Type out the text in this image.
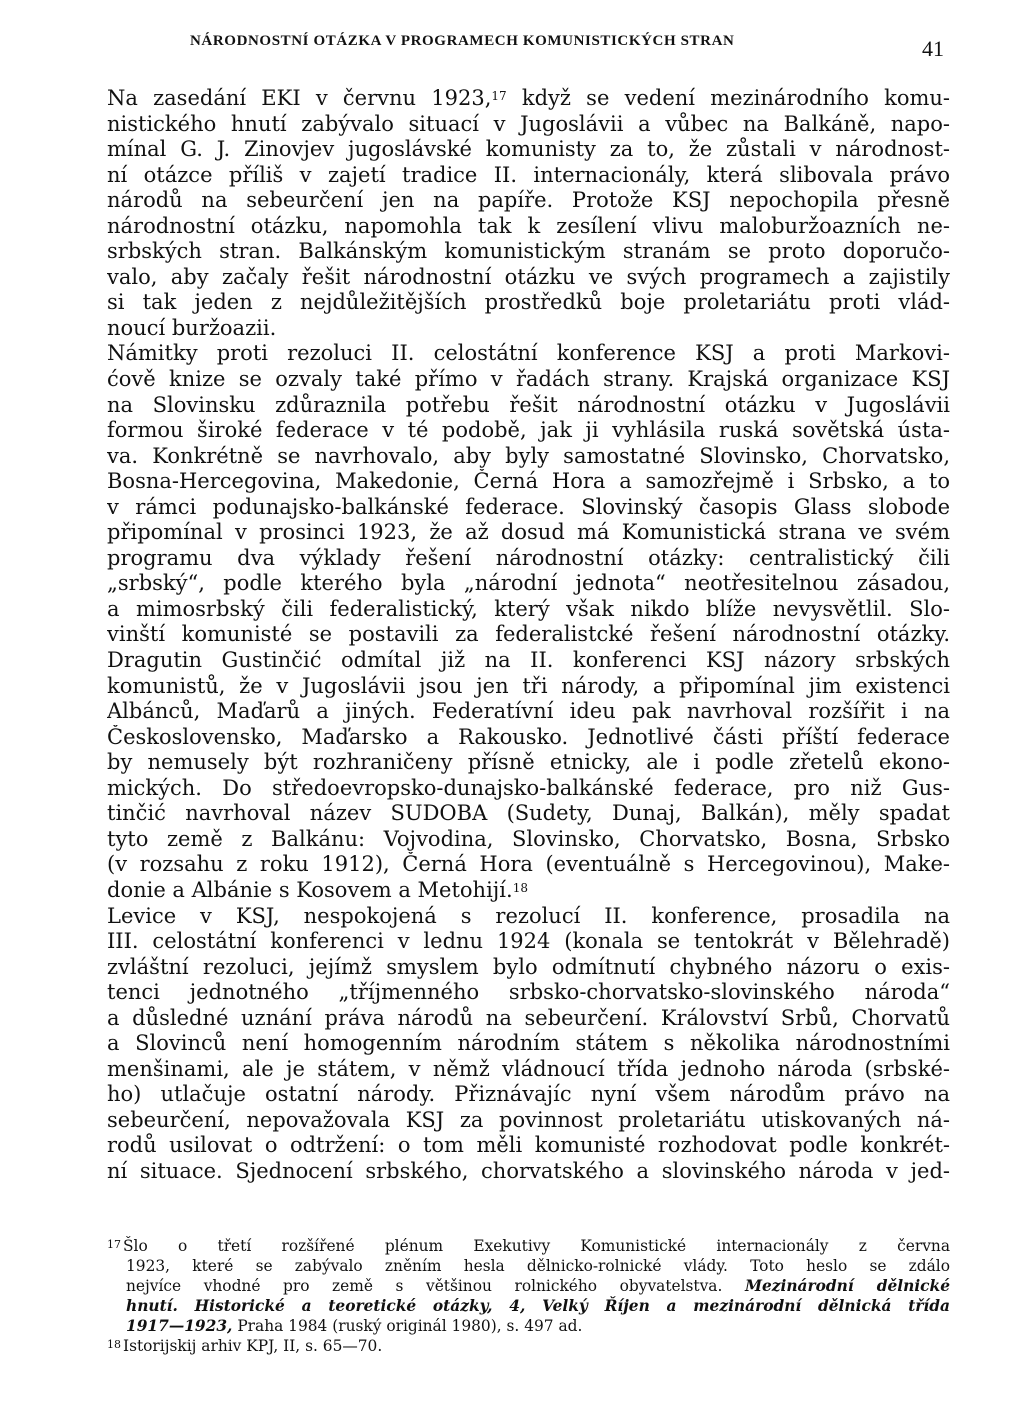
NÁRODNOSTNÍ OTÁZKA V PROGRAMECH KOMUNISTICKÝCH STRAN	41
Na zasedání EKI v červnu 1923,17 když se vedení mezinárodního komu-
nistického hnutí zabývalo situací v Jugoslávii a vůbec na Balkáně, napo-
mínal G. J. Zinovjev jugoslávské komunisty za to, že zůstali v národnost-
ní otázce příliš v zajetí tradice II. internacionály, která slibovala právo
národů na sebeurčení jen na papíře. Protože KSJ nepochopila přesně
národnostní otázku, napomohla tak k zesílení vlivu maloburžoazních ne-
srbských stran. Balkánským komunistickým stranám se proto doporučo-
valo, aby začaly řešit národnostní otázku ve svých programech a zajistily
si tak jeden z nejdůležitějších prostředků boje proletariátu proti vlád-
noucí buržoazii.
Námitky proti rezoluci II. celostátní konference KSJ a proti Markovi-
ćově knize se ozvaly také přímo v řadách strany. Krajská organizace KSJ
na Slovinsku zdůraznila potřebu řešit národnostní otázku v Jugoslávii
formou široké federace v té podobě, jak ji vyhlásila ruská sovětská ústa-
va. Konkrétně se navrhovalo, aby byly samostatné Slovinsko, Chorvatsko,
Bosna-Hercegovina, Makedonie, Černá Hora a samozřejmě i Srbsko, a to
v rámci podunajsko-balkánské federace. Slovinský časopis Glass slobode
připomínal v prosinci 1923, že až dosud má Komunistická strana ve svém
programu dva výklady řešení národnostní otázky: centralistický čili
„srbský“, podle kterého byla „národní jednota“ neotřesitelnou zásadou,
a mimosrbský čili federalistický, který však nikdo blíže nevysvětlil. Slo-
vinští komunisté se postavili za federalistcké řešení národnostní otázky.
Dragutin Gustinčić odmítal již na II. konferenci KSJ názory srbských
komunistů, že v Jugoslávii jsou jen tři národy, a připomínal jim existenci
Albánců, Maďarů a jiných. Federatívní ideu pak navrhoval rozšířit i na
Československo, Maďarsko a Rakousko. Jednotlivé části příští federace
by nemusely být rozhraničeny přísně etnicky, ale i podle zřetelů ekono-
mických. Do středoevropsko-dunajsko-balkánské federace, pro niž Gus-
tinčić navrhoval název SUDOBA (Sudety, Dunaj, Balkán), měly spadat
tyto země z Balkánu: Vojvodina, Slovinsko, Chorvatsko, Bosna, Srbsko
(v rozsahu z roku 1912), Černá Hora (eventuálně s Hercegovinou), Make-
donie a Albánie s Kosovem a Metohijí.$^{18}$
Levice v KSJ, nespokojená s rezolucí II. konference, prosadila na
III. celostátní konferenci v lednu 1924 (konala se tentokrát v Bělehradě)
zvláštní rezoluci, jejímž smyslem bylo odmítnutí chybného názoru o exis-
tenci jednotného „tříjmenného srbsko-chorvatsko-slovinského národa“
a důsledné uznání práva národů na sebeurčení. Království Srbů, Chorvatů
a Slovinců není homogenním národním státem s několika národnostními
menšinami, ale je státem, v němž vládnoucí třída jednoho národa (srbské-
ho) utlačuje ostatní národy. Přiznávajíc nyní všem národům právo na
sebeurčení, nepovažovala KSJ za povinnost proletariátu utiskovaných ná-
rodů usilovat o odtržení: o tom měli komunisté rozhodovat podle konkrét-
ní situace. Sjednocení srbského, chorvatského a slovinského národa v jed-
$^{17}$ Šlo o třetí rozšířené plénum Exekutivy Komunistické internacionály z června
1923, které se zabývalo zněním hesla dělnicko-rolnické vlády. Toto heslo se zdálo
nejvíce vhodné pro země s většinou rolnického obyvatelstva. Mezinárodní dělnické
hnutí. Historické a teoretické otázky, 4, Velký Říjen a mezinárodní dělnická třída
1917—1923, Praha 1984 (ruský originál 1980), s. 497 ad.
$^{18}$ Istorijskij arhiv KPJ, II, s. 65—70.
